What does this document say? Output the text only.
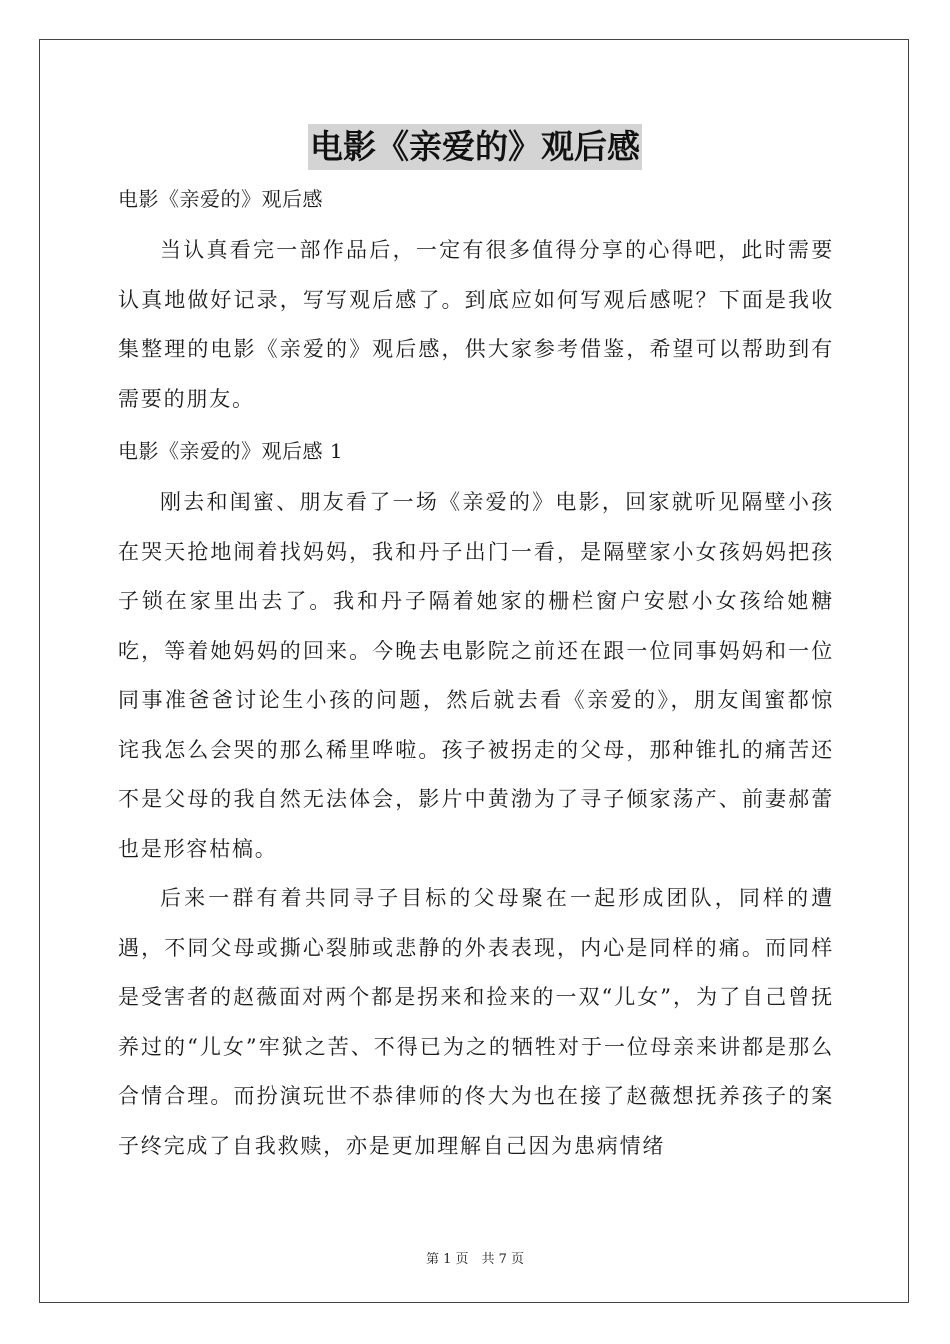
电影《亲爱的》观后感

电影《亲爱的》观后感

当认真看完一部作品后，一定有很多值得分享的心得吧，此时需要认真地做好记录，写写观后感了。到底应如何写观后感呢？下面是我收集整理的电影《亲爱的》观后感，供大家参考借鉴，希望可以帮助到有需要的朋友。

电影《亲爱的》观后感 1

刚去和闺蜜、朋友看了一场《亲爱的》电影，回家就听见隔壁小孩在哭天抢地闹着找妈妈，我和丹子出门一看，是隔壁家小女孩妈妈把孩子锁在家里出去了。我和丹子隔着她家的栅栏窗户安慰小女孩给她糖吃，等着她妈妈的回来。今晚去电影院之前还在跟一位同事妈妈和一位同事准爸爸讨论生小孩的问题，然后就去看《亲爱的》，朋友闺蜜都惊诧我怎么会哭的那么稀里哗啦。孩子被拐走的父母，那种锥扎的痛苦还不是父母的我自然无法体会，影片中黄渤为了寻子倾家荡产、前妻郝蕾也是形容枯槁。

后来一群有着共同寻子目标的父母聚在一起形成团队，同样的遭遇，不同父母或撕心裂肺或悲静的外表表现，内心是同样的痛。而同样是受害者的赵薇面对两个都是拐来和捡来的一双“儿女”，为了自己曾抚养过的“儿女”牢狱之苦、不得已为之的牺牲对于一位母亲来讲都是那么合情合理。而扮演玩世不恭律师的佟大为也在接了赵薇想抚养孩子的案子终完成了自我救赎，亦是更加理解自己因为患病情绪

第 1 页　共 7 页
